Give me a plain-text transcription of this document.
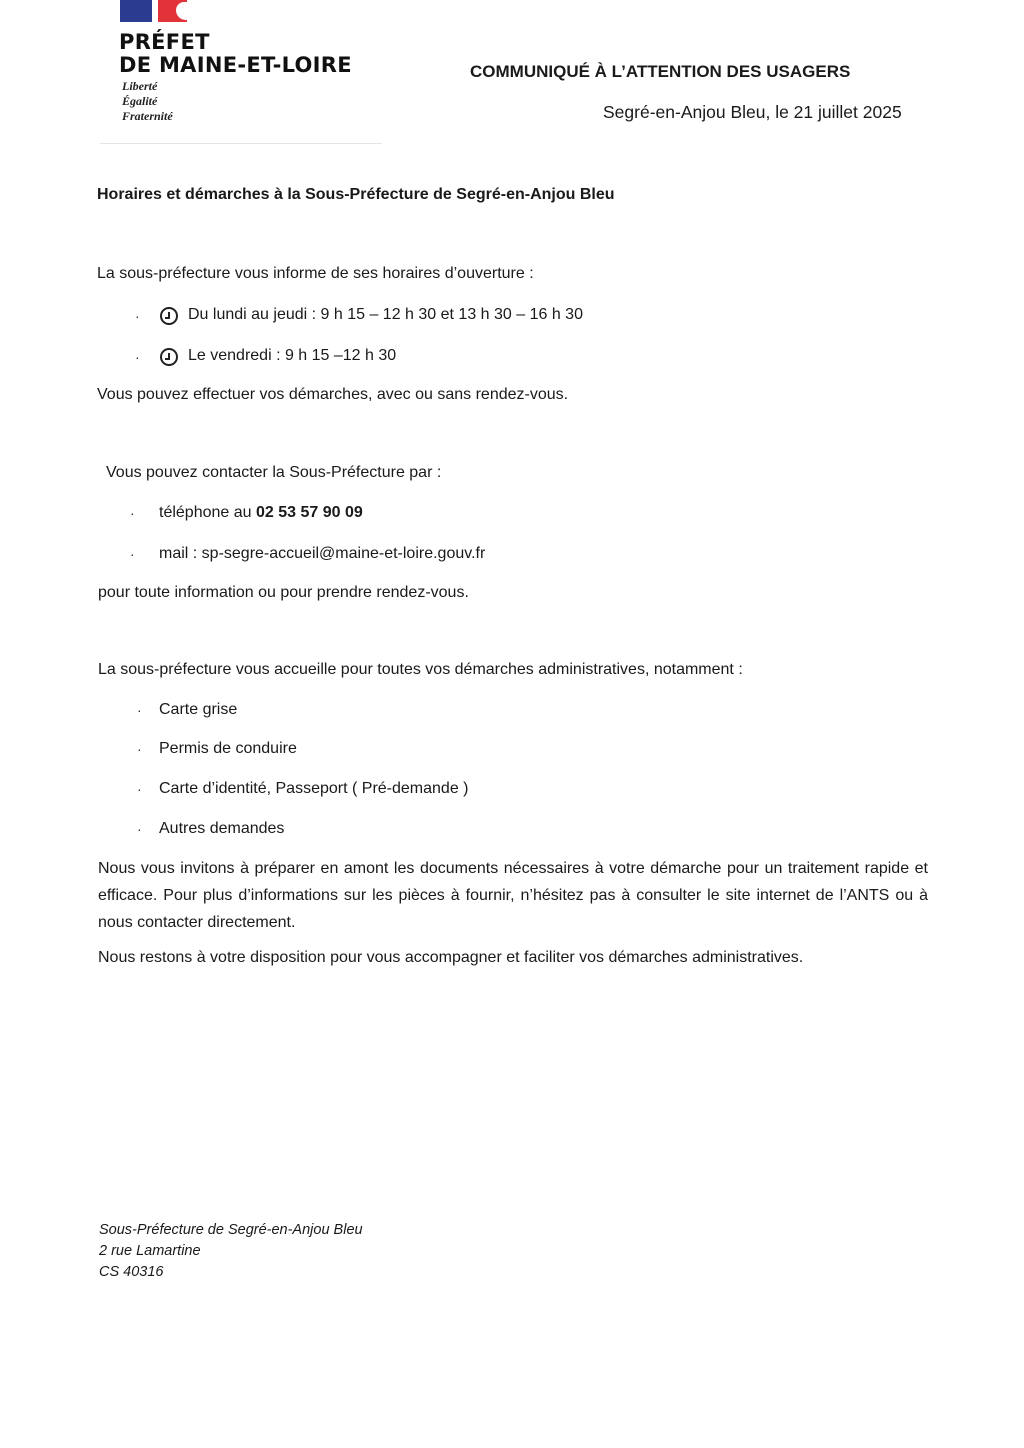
PRÉFET
DE MAINE-ET-LOIRE
Liberté
Égalité
Fraternité
COMMUNIQUÉ À L’ATTENTION DES USAGERS
Segré-en-Anjou Bleu, le 21 juillet 2025
Horaires et démarches à la Sous-Préfecture de Segré-en-Anjou Bleu
La sous-préfecture vous informe de ses horaires d’ouverture :
·	Du lundi au jeudi : 9 h 15 – 12 h 30 et 13 h 30 – 16 h 30
·	Le vendredi : 9 h 15 –12 h 30
Vous pouvez effectuer vos démarches, avec ou sans rendez-vous.
Vous pouvez contacter la Sous-Préfecture par :
· téléphone au 02 53 57 90 09
· mail : sp-segre-accueil@maine-et-loire.gouv.fr
pour toute information ou pour prendre rendez-vous.
La sous-préfecture vous accueille pour toutes vos démarches administratives, notamment :
· Carte grise
· Permis de conduire
· Carte d’identité, Passeport ( Pré-demande )
· Autres demandes
Nous vous invitons à préparer en amont les documents nécessaires à votre démarche pour un traitement rapide et efficace. Pour plus d’informations sur les pièces à fournir, n’hésitez pas à consulter le site internet de l’ANTS ou à nous contacter directement.
Nous restons à votre disposition pour vous accompagner et faciliter vos démarches administratives.
Sous-Préfecture de Segré-en-Anjou Bleu
2 rue Lamartine
CS 40316
